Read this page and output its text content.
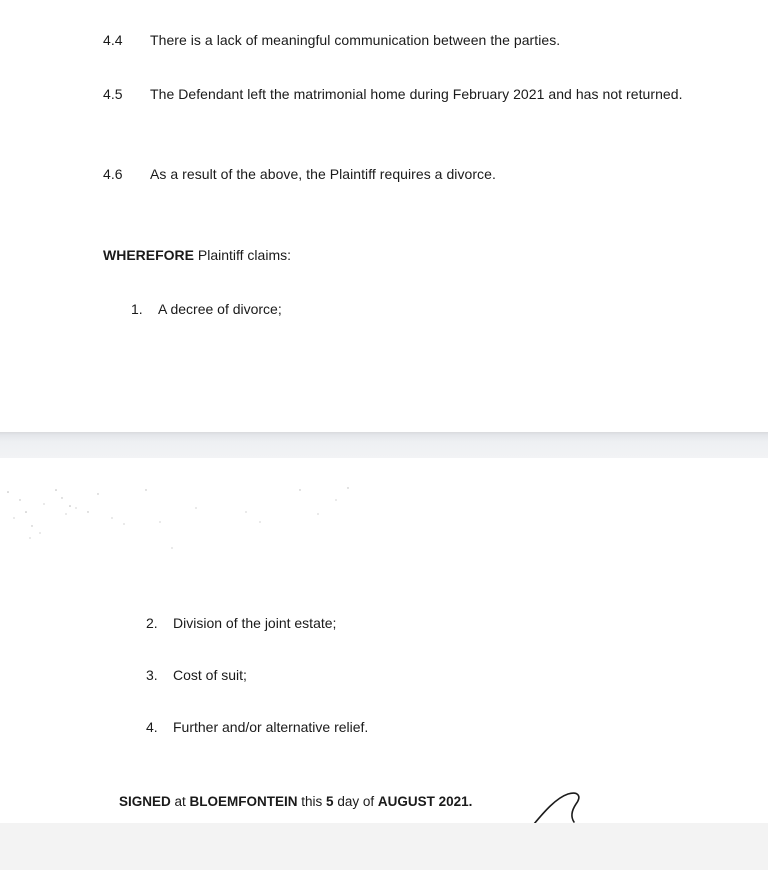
4.4 There is a lack of meaningful communication between the parties.
4.5 The Defendant left the matrimonial home during February 2021 and has not returned.
4.6 As a result of the above, the Plaintiff requires a divorce.
WHEREFORE Plaintiff claims:
1. A decree of divorce;
2. Division of the joint estate;
3. Cost of suit;
4. Further and/or alternative relief.
SIGNED at BLOEMFONTEIN this 5 day of AUGUST 2021.
